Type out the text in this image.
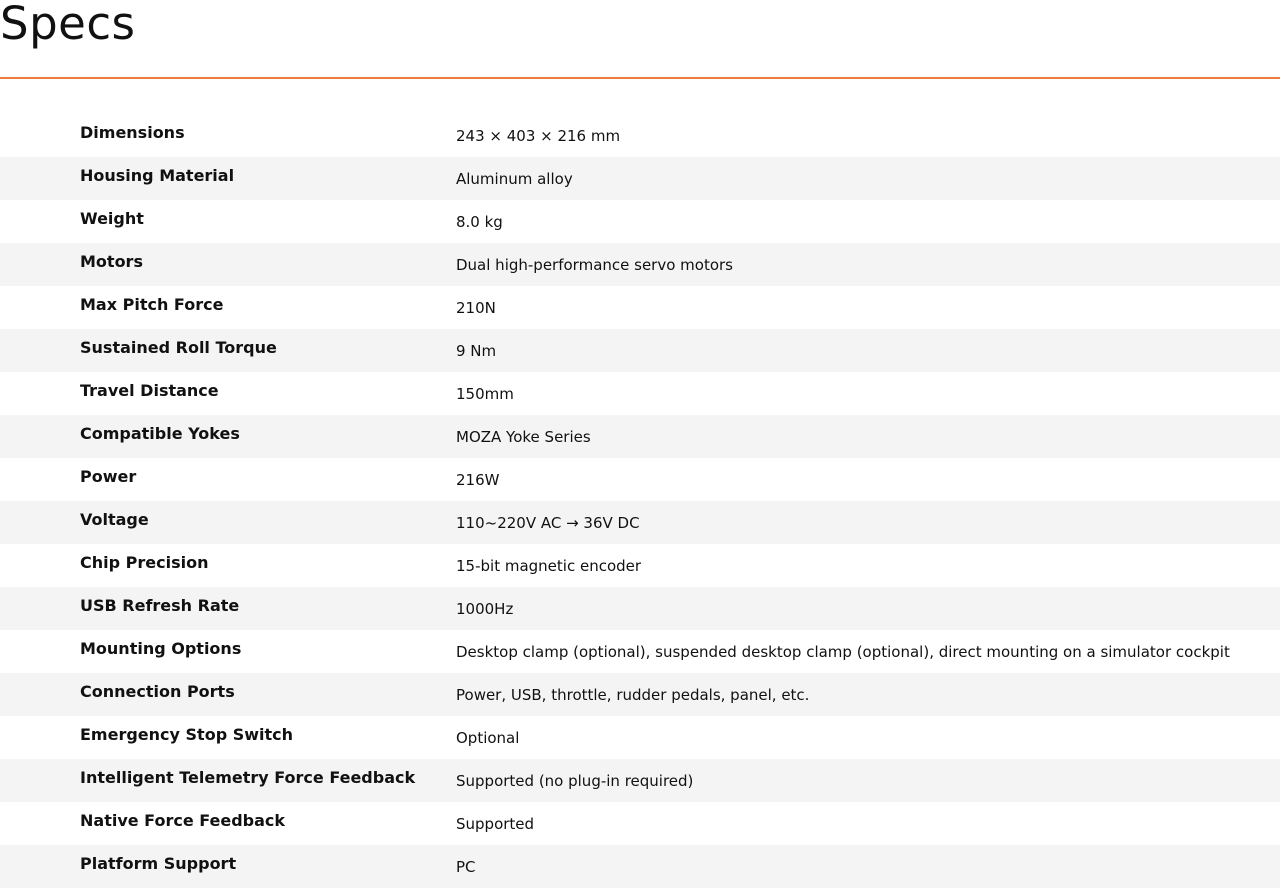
Specs
Dimensions	243 × 403 × 216 mm
Housing Material	Aluminum alloy
Weight	8.0 kg
Motors	Dual high-performance servo motors
Max Pitch Force	210N
Sustained Roll Torque	9 Nm
Travel Distance	150mm
Compatible Yokes	MOZA Yoke Series
Power	216W
Voltage	110~220V AC → 36V DC
Chip Precision	15-bit magnetic encoder
USB Refresh Rate	1000Hz
Mounting Options	Desktop clamp (optional), suspended desktop clamp (optional), direct mounting on a simulator cockpit
Connection Ports	Power, USB, throttle, rudder pedals, panel, etc.
Emergency Stop Switch	Optional
Intelligent Telemetry Force Feedback	Supported (no plug-in required)
Native Force Feedback	Supported
Platform Support	PC
